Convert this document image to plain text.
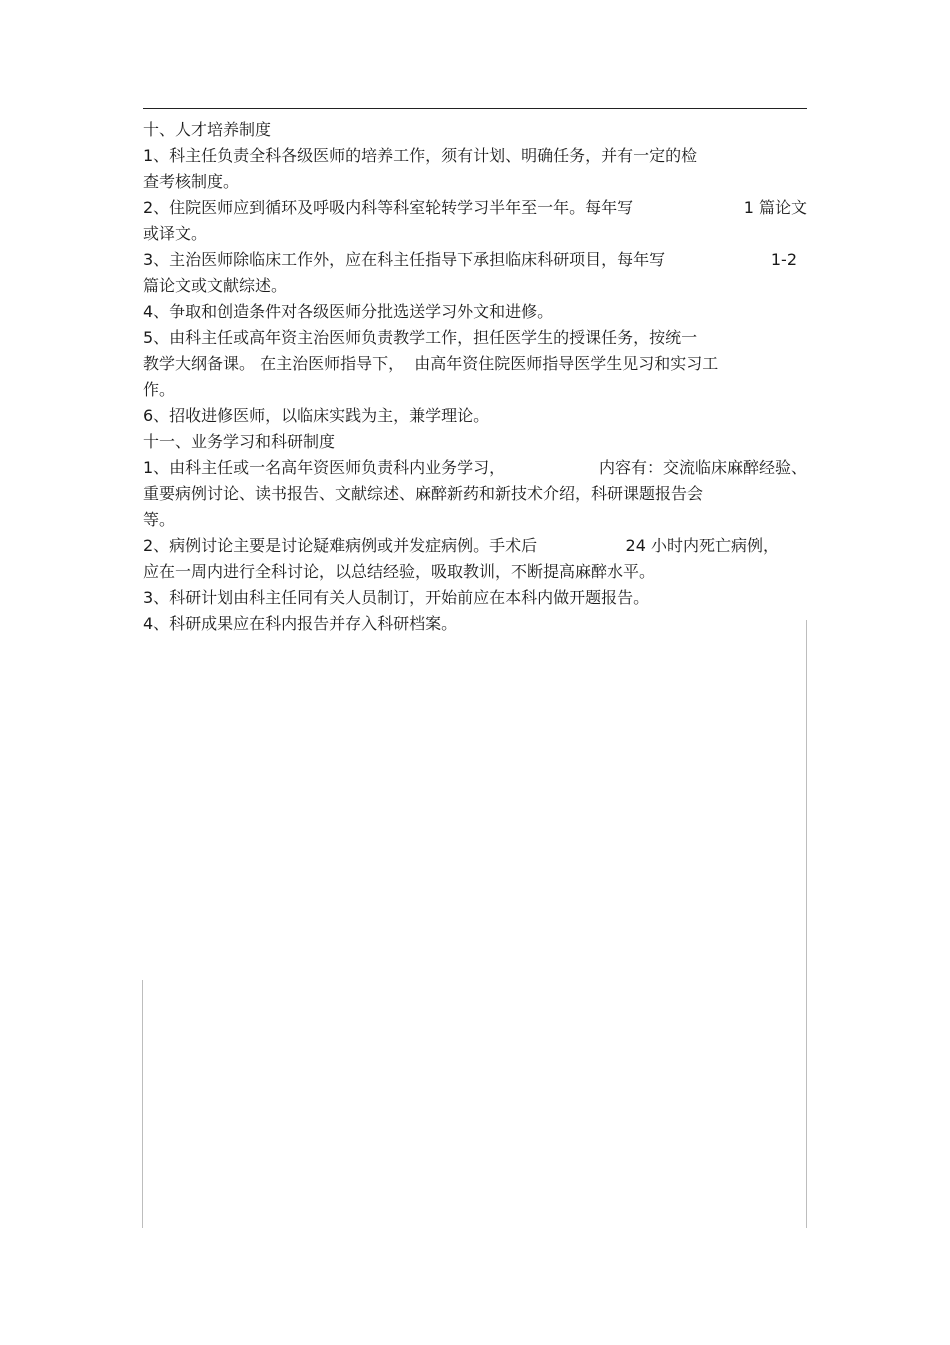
十、人才培养制度
1、科主任负责全科各级医师的培养工作，须有计划、明确任务，并有一定的检
查考核制度。
2、住院医师应到循环及呼吸内科等科室轮转学习半年至一年。每年写	1 篇论文
或译文。
3、主治医师除临床工作外，应在科主任指导下承担临床科研项目，每年写	1-2
篇论文或文献综述。
4、争取和创造条件对各级医师分批选送学习外文和进修。
5、由科主任或高年资主治医师负责教学工作，担任医学生的授课任务，按统一
教学大纲备课。 在主治医师指导下，  由高年资住院医师指导医学生见习和实习工
作。
6、招收进修医师，以临床实践为主，兼学理论。
十一、业务学习和科研制度
1、由科主任或一名高年资医师负责科内业务学习，	内容有：交流临床麻醉经验、
重要病例讨论、读书报告、文献综述、麻醉新药和新技术介绍，科研课题报告会
等。
2、病例讨论主要是讨论疑难病例或并发症病例。手术后	24 小时内死亡病例，
应在一周内进行全科讨论，以总结经验，吸取教训，不断提高麻醉水平。
3、科研计划由科主任同有关人员制订，开始前应在本科内做开题报告。
4、科研成果应在科内报告并存入科研档案。
